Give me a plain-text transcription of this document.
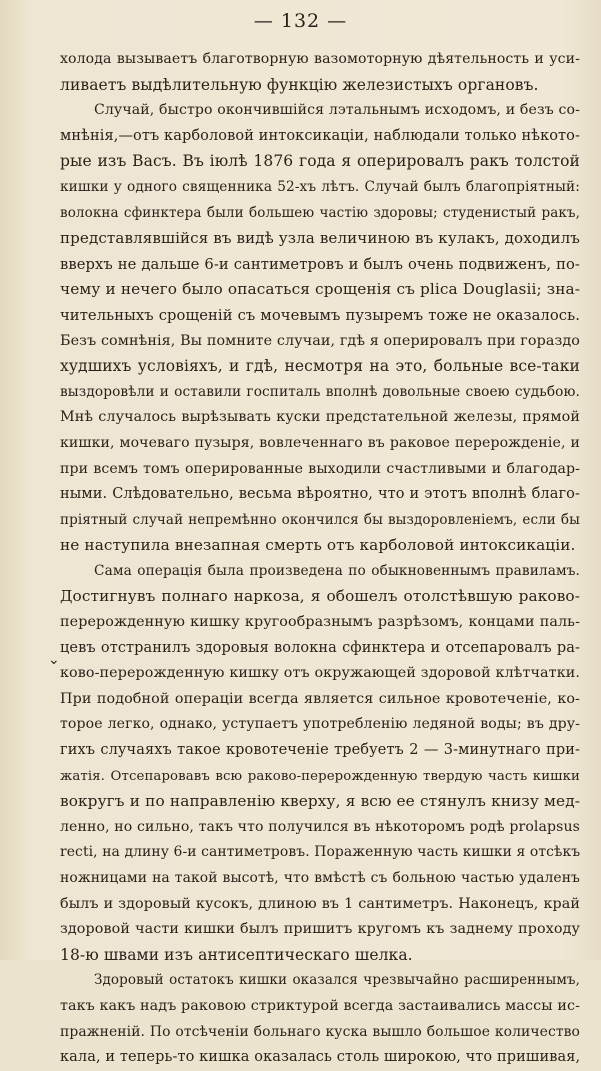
— 132 —
⌄
холода вызываетъ благотворную вазомоторную дѣятельность и уси-
ливаетъ выдѣлительную функцію железистыхъ органовъ.
Случай, быстро окончившійся лэтальнымъ исходомъ, и безъ со-
мнѣнія,—отъ карболовой интоксикаціи, наблюдали только нѣкото-
рые изъ Васъ. Въ іюлѣ 1876 года я оперировалъ ракъ толстой
кишки у одного священника 52-хъ лѣтъ. Случай былъ благопріятный:
волокна сфинктера были большею частію здоровы; студенистый ракъ,
представлявшійся въ видѣ узла величиною въ кулакъ, доходилъ
вверхъ не дальше 6-и сантиметровъ и былъ очень подвиженъ, по-
чему и нечего было опасаться срощенія съ plica Douglasii; зна-
чительныхъ срощеній съ мочевымъ пузыремъ тоже не оказалось.
Безъ сомнѣнія, Вы помните случаи, гдѣ я оперировалъ при гораздо
худшихъ условіяхъ, и гдѣ, несмотря на это, больные все-таки
выздоровѣли и оставили госпиталь вполнѣ довольные своею судьбою.
Мнѣ случалось вырѣзывать куски предстательной железы, прямой
кишки, мочеваго пузыря, вовлеченнаго въ раковое перерожденіе, и
при всемъ томъ оперированные выходили счастливыми и благодар-
ными. Слѣдовательно, весьма вѣроятно, что и этотъ вполнѣ благо-
пріятный случай непремѣнно окончился бы выздоровленіемъ, если бы
не наступила внезапная смерть отъ карболовой интоксикаціи.
Сама операція была произведена по обыкновеннымъ правиламъ.
Достигнувъ полнаго наркоза, я обошелъ отолстѣвшую раково-
перерожденную кишку кругообразнымъ разрѣзомъ, концами паль-
цевъ отстранилъ здоровыя волокна сфинктера и отсепаровалъ ра-
ково-перерожденную кишку отъ окружающей здоровой клѣтчатки.
При подобной операціи всегда является сильное кровотеченіе, ко-
торое легко, однако, уступаетъ употребленію ледяной воды; въ дру-
гихъ случаяхъ такое кровотеченіе требуетъ 2 — 3-минутнаго при-
жатія. Отсепаровавъ всю раково-перерожденную твердую часть кишки
вокругъ и по направленію кверху, я всю ее стянулъ книзу мед-
ленно, но сильно, такъ что получился въ нѣкоторомъ родѣ prolapsus
recti, на длину 6-и сантиметровъ. Пораженную часть кишки я отсѣкъ
ножницами на такой высотѣ, что вмѣстѣ съ больною частью удаленъ
былъ и здоровый кусокъ, длиною въ 1 сантиметръ. Наконецъ, край
здоровой части кишки былъ пришитъ кругомъ къ заднему проходу
18-ю швами изъ антисептическаго шелка.
Здоровый остатокъ кишки оказался чрезвычайно расширеннымъ,
такъ какъ надъ раковою стриктурой всегда застаивались массы ис-
пражненій. По отсѣченіи больнаго куска вышло большое количество
кала, и теперь-то кишка оказалась столь широкою, что пришивая,
